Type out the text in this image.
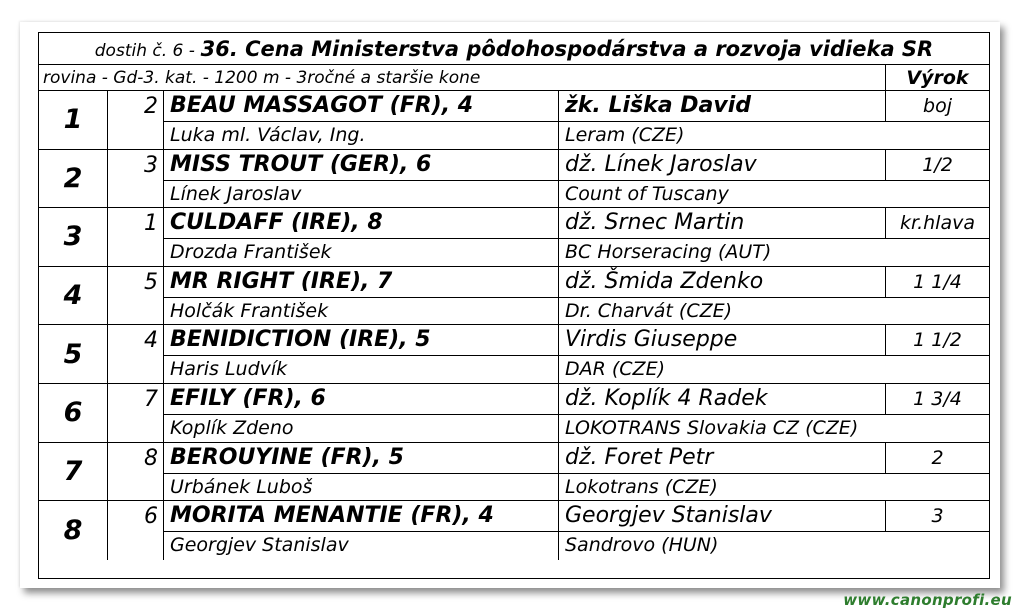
dostih č. 6 - 36. Cena Ministerstva pôdohospodárstva a rozvoja vidieka SR
rovina - Gd-3. kat. - 1200 m - 3ročné a staršie kone	Výrok
1	2 BEAU MASSAGOT (FR), 4	žk. Liška David	boj
Luka ml. Václav, Ing.	Leram (CZE)
2	3 MISS TROUT (GER), 6	dž. Línek Jaroslav	1/2
Línek Jaroslav	Count of Tuscany
3	1 CULDAFF (IRE), 8	dž. Srnec Martin	kr.hlava
Drozda František	BC Horseracing (AUT)
4	5 MR RIGHT (IRE), 7	dž. Šmida Zdenko	1 1/4
Holčák František	Dr. Charvát (CZE)
5	4 BENIDICTION (IRE), 5	Virdis Giuseppe	1 1/2
Haris Ludvík	DAR (CZE)
6	7 EFILY (FR), 6	dž. Koplík 4 Radek	1 3/4
Koplík Zdeno	LOKOTRANS Slovakia CZ (CZE)
7	8 BEROUYINE (FR), 5	dž. Foret Petr	2
Urbánek Luboš	Lokotrans (CZE)
8	6 MORITA MENANTIE (FR), 4	Georgjev Stanislav	3
Georgjev Stanislav	Sandrovo (HUN)
www.canonprofi.eu
